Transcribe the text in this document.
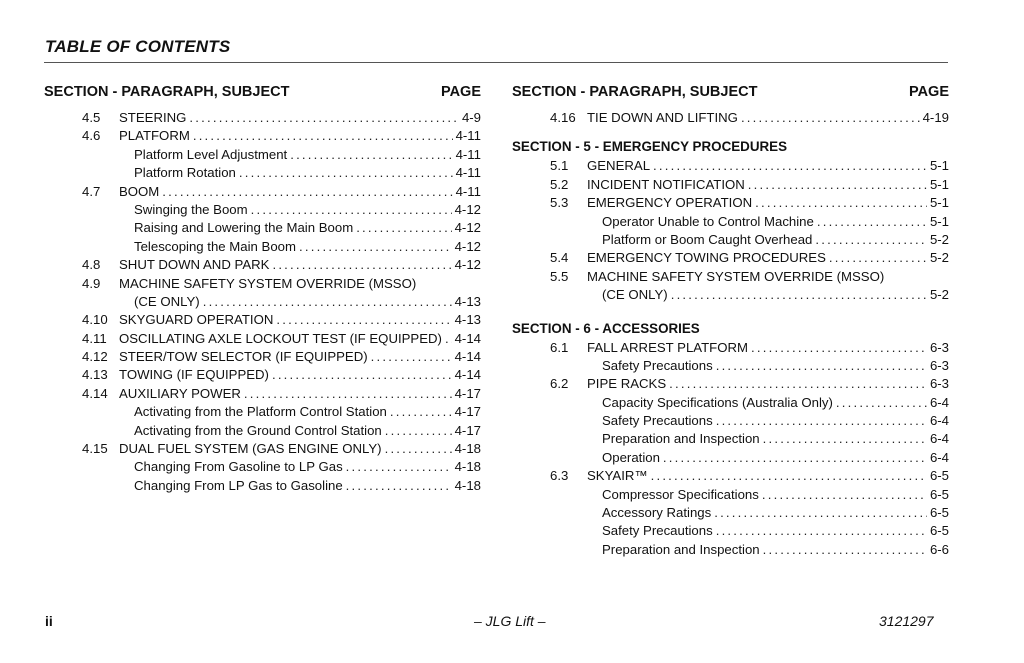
TABLE OF CONTENTS
SECTION - PARAGRAPH, SUBJECT	PAGE
4.5	STEERING .....	4-9
4.6	PLATFORM .....	4-11
Platform Level Adjustment .....	4-11
Platform Rotation .....	4-11
4.7	BOOM .....	4-11
Swinging the Boom .....	4-12
Raising and Lowering the Main Boom .....	4-12
Telescoping the Main Boom .....	4-12
4.8	SHUT DOWN AND PARK .....	4-12
4.9	MACHINE SAFETY SYSTEM OVERRIDE (MSSO)
(CE ONLY) .....	4-13
4.10 SKYGUARD OPERATION .....	4-13
4.11 OSCILLATING AXLE LOCKOUT TEST (IF EQUIPPED) ..... 4-14
4.12 STEER/TOW SELECTOR (IF EQUIPPED) .....	4-14
4.13 TOWING (IF EQUIPPED) .....	4-14
4.14 AUXILIARY POWER .....	4-17
Activating from the Platform Control Station .....	4-17
Activating from the Ground Control Station .....	4-17
4.15 DUAL FUEL SYSTEM (GAS ENGINE ONLY) .....	4-18
Changing From Gasoline to LP Gas .....	4-18
Changing From LP Gas to Gasoline .....	4-18
SECTION - PARAGRAPH, SUBJECT	PAGE
4.16 TIE DOWN AND LIFTING .....	4-19
SECTION - 5 - EMERGENCY PROCEDURES
5.1	GENERAL .....	5-1
5.2	INCIDENT NOTIFICATION .....	5-1
5.3	EMERGENCY OPERATION .....	5-1
Operator Unable to Control Machine .....	5-1
Platform or Boom Caught Overhead .....	5-2
5.4	EMERGENCY TOWING PROCEDURES .....	5-2
5.5	MACHINE SAFETY SYSTEM OVERRIDE (MSSO)
(CE ONLY) .....	5-2
SECTION - 6 - ACCESSORIES
6.1	FALL ARREST PLATFORM .....	6-3
Safety Precautions .....	6-3
6.2	PIPE RACKS .....	6-3
Capacity Specifications (Australia Only) .....	6-4
Safety Precautions .....	6-4
Preparation and Inspection .....	6-4
Operation .....	6-4
6.3	SKYAIR™ .....	6-5
Compressor Specifications .....	6-5
Accessory Ratings .....	6-5
Safety Precautions .....	6-5
Preparation and Inspection .....	6-6
ii	– JLG Lift –	3121297
